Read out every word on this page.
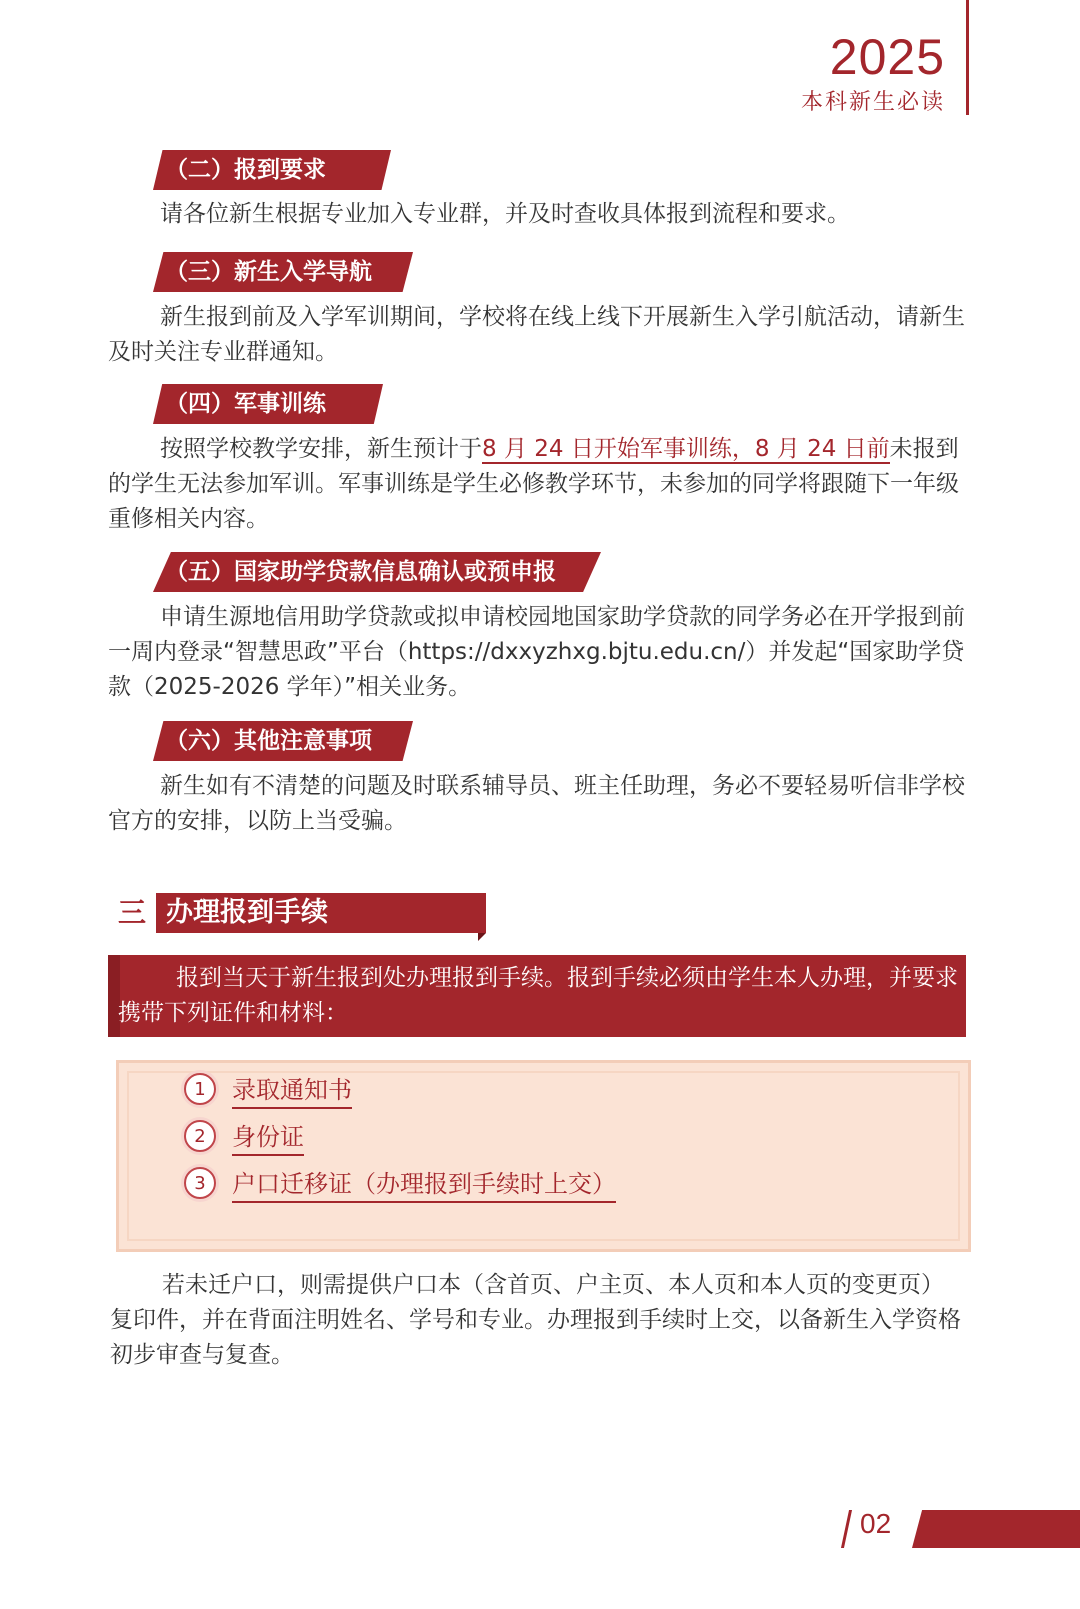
2025
本科新生必读
（二）报到要求
请各位新生根据专业加入专业群，并及时查收具体报到流程和要求。
（三）新生入学导航
新生报到前及入学军训期间，学校将在线上线下开展新生入学引航活动，请新生及时关注专业群通知。
（四）军事训练
按照学校教学安排，新生预计于8 月 24 日开始军事训练，8 月 24 日前未报到的学生无法参加军训。军事训练是学生必修教学环节，未参加的同学将跟随下一年级重修相关内容。
（五）国家助学贷款信息确认或预申报
申请生源地信用助学贷款或拟申请校园地国家助学贷款的同学务必在开学报到前一周内登录“智慧思政”平台（https://dxxyzhxg.bjtu.edu.cn/）并发起“国家助学贷款（2025-2026 学年）”相关业务。
（六）其他注意事项
新生如有不清楚的问题及时联系辅导员、班主任助理，务必不要轻易听信非学校官方的安排，以防上当受骗。
三 办理报到手续
报到当天于新生报到处办理报到手续。报到手续必须由学生本人办理，并要求携带下列证件和材料：
1	录取通知书
2	身份证
3	户口迁移证（办理报到手续时上交）
若未迁户口，则需提供户口本（含首页、户主页、本人页和本人页的变更页）复印件，并在背面注明姓名、学号和专业。办理报到手续时上交，以备新生入学资格初步审查与复查。
02
